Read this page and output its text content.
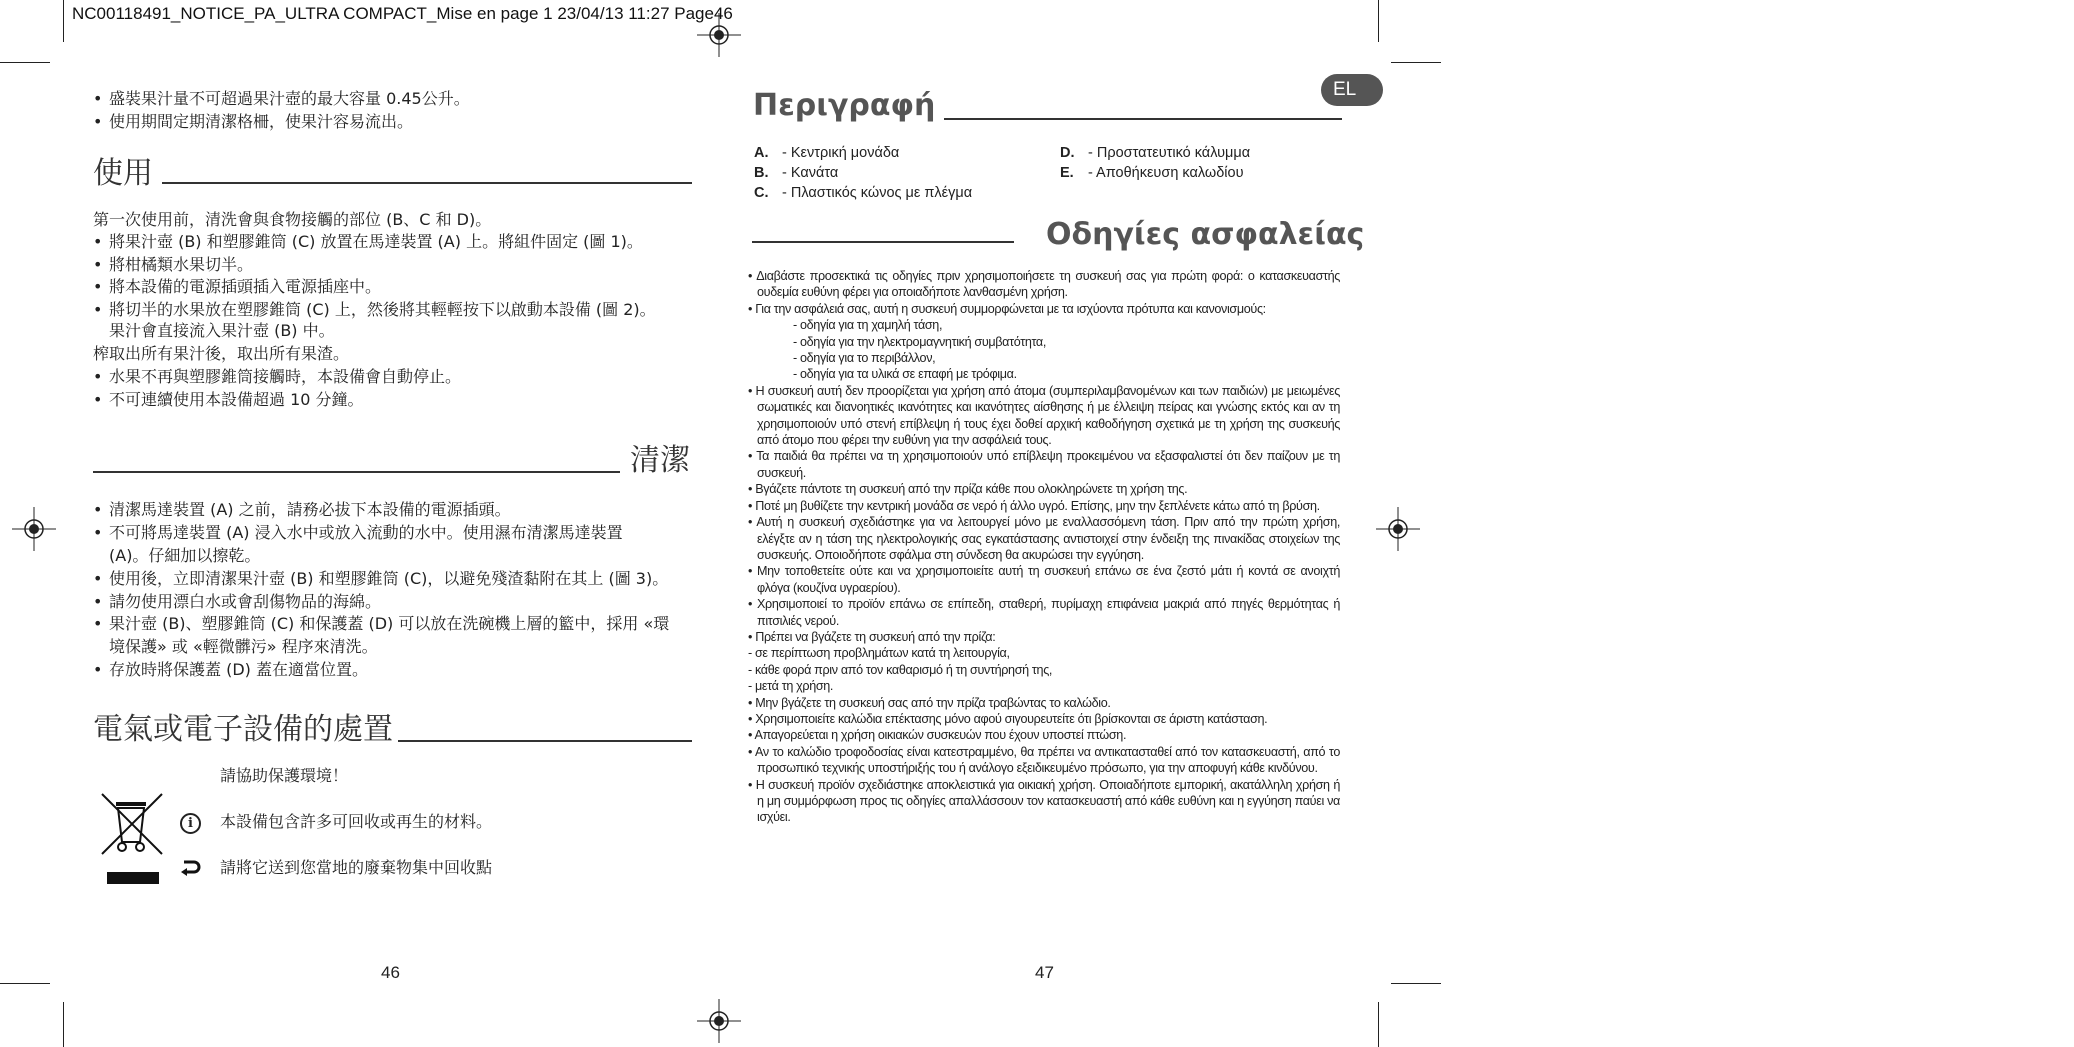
NC00118491_NOTICE_PA_ULTRA COMPACT_Mise en page 1 23/04/13 11:27 Page46
• 盛裝果汁量不可超過果汁壺的最大容量 0.45公升。
• 使用期間定期清潔格柵，使果汁容易流出。
使用
第一次使用前，清洗會與食物接觸的部位 (B、C 和 D)。
• 將果汁壺 (B) 和塑膠錐筒 (C) 放置在馬達裝置 (A) 上。將組件固定 (圖 1)。
• 將柑橘類水果切半。
• 將本設備的電源插頭插入電源插座中。
• 將切半的水果放在塑膠錐筒 (C) 上，然後將其輕輕按下以啟動本設備 (圖 2)。
果汁會直接流入果汁壺 (B) 中。
榨取出所有果汁後，取出所有果渣。
• 水果不再與塑膠錐筒接觸時，本設備會自動停止。
• 不可連續使用本設備超過 10 分鐘。
清潔
• 清潔馬達裝置 (A) 之前，請務必拔下本設備的電源插頭。
• 不可將馬達裝置 (A) 浸入水中或放入流動的水中。使用濕布清潔馬達裝置
(A)。仔細加以擦乾。
• 使用後，立即清潔果汁壺 (B) 和塑膠錐筒 (C)，以避免殘渣黏附在其上 (圖 3)。
• 請勿使用漂白水或會刮傷物品的海綿。
• 果汁壺 (B)、塑膠錐筒 (C) 和保護蓋 (D) 可以放在洗碗機上層的籃中，採用 «環
境保護» 或 «輕微髒污» 程序來清洗。
• 存放時將保護蓋 (D) 蓋在適當位置。
電氣或電子設備的處置
請協助保護環境！
i	本設備包含許多可回收或再生的材料。
請將它送到您當地的廢棄物集中回收點
46
EL
Περιγραφή
A. - Κεντρική μονάδα
B. - Κανάτα
C. - Πλαστικός κώνος με πλέγμα
D. - Προστατευτικό κάλυμμα
E. - Αποθήκευση καλωδίου
Οδηγίες ασφαλείας

• Διαβάστε προσεκτικά τις οδηγίες πριν χρησιμοποιήσετε τη συσκευή σας για πρώτη φορά: ο κατασκευαστής ουδεμία ευθύνη φέρει για οποιαδήποτε λανθασμένη χρήση.

• Για την ασφάλειά σας, αυτή η συσκευή συμμορφώνεται με τα ισχύοντα πρότυπα και κανονισμούς:

- οδηγία για τη χαμηλή τάση,

- οδηγία για την ηλεκτρομαγνητική συμβατότητα,

- οδηγία για το περιβάλλον,

- οδηγία για τα υλικά σε επαφή με τρόφιμα.

• Η συσκευή αυτή δεν προορίζεται για χρήση από άτομα (συμπεριλαμβανομένων και των παιδιών) με μειωμένες σωματικές και διανοητικές ικανότητες και ικανότητες αίσθησης ή με έλλειψη πείρας και γνώσης εκτός και αν τη χρησιμοποιούν υπό στενή επίβλεψη ή τους έχει δοθεί αρχική καθοδήγηση σχετικά με τη χρήση της συσκευής από άτομο που φέρει την ευθύνη για την ασφάλειά τους.

• Τα παιδιά θα πρέπει να τη χρησιμοποιούν υπό επίβλεψη προκειμένου να εξασφαλιστεί ότι δεν παίζουν με τη συσκευή.

• Βγάζετε πάντοτε τη συσκευή από την πρίζα κάθε που ολοκληρώνετε τη χρήση της.

• Ποτέ μη βυθίζετε την κεντρική μονάδα σε νερό ή άλλο υγρό. Επίσης, μην την ξεπλένετε κάτω από τη βρύση.

• Αυτή η συσκευή σχεδιάστηκε για να λειτουργεί μόνο με εναλλασσόμενη τάση. Πριν από την πρώτη χρήση, ελέγξτε αν η τάση της ηλεκτρολογικής σας εγκατάστασης αντιστοιχεί στην ένδειξη της πινακίδας στοιχείων της συσκευής. Οποιοδήποτε σφάλμα στη σύνδεση θα ακυρώσει την εγγύηση.

• Μην τοποθετείτε ούτε και να χρησιμοποιείτε αυτή τη συσκευή επάνω σε ένα ζεστό μάτι ή κοντά σε ανοιχτή φλόγα (κουζίνα υγραερίου).

• Χρησιμοποιεί το προϊόν επάνω σε επίπεδη, σταθερή, πυρίμαχη επιφάνεια μακριά από πηγές θερμότητας ή πιτσιλιές νερού.

• Πρέπει να βγάζετε τη συσκευή από την πρίζα:

- σε περίπτωση προβλημάτων κατά τη λειτουργία,

- κάθε φορά πριν από τον καθαρισμό ή τη συντήρησή της,

- μετά τη χρήση.

• Μην βγάζετε τη συσκευή σας από την πρίζα τραβώντας το καλώδιο.

• Χρησιμοποιείτε καλώδια επέκτασης μόνο αφού σιγουρευτείτε ότι βρίσκονται σε άριστη κατάσταση.

• Απαγορεύεται η χρήση οικιακών συσκευών που έχουν υποστεί πτώση.

• Αν το καλώδιο τροφοδοσίας είναι κατεστραμμένο, θα πρέπει να αντικατασταθεί από τον κατασκευαστή, από το προσωπικό τεχνικής υποστήριξής του ή ανάλογο εξειδικευμένο πρόσωπο, για την αποφυγή κάθε κινδύνου.

• Η συσκευή προϊόν σχεδιάστηκε αποκλειστικά για οικιακή χρήση. Οποιαδήποτε εμπορική, ακατάλληλη χρήση ή η μη συμμόρφωση προς τις οδηγίες απαλλάσσουν τον κατασκευαστή από κάθε ευθύνη και η εγγύηση παύει να ισχύει.

47
